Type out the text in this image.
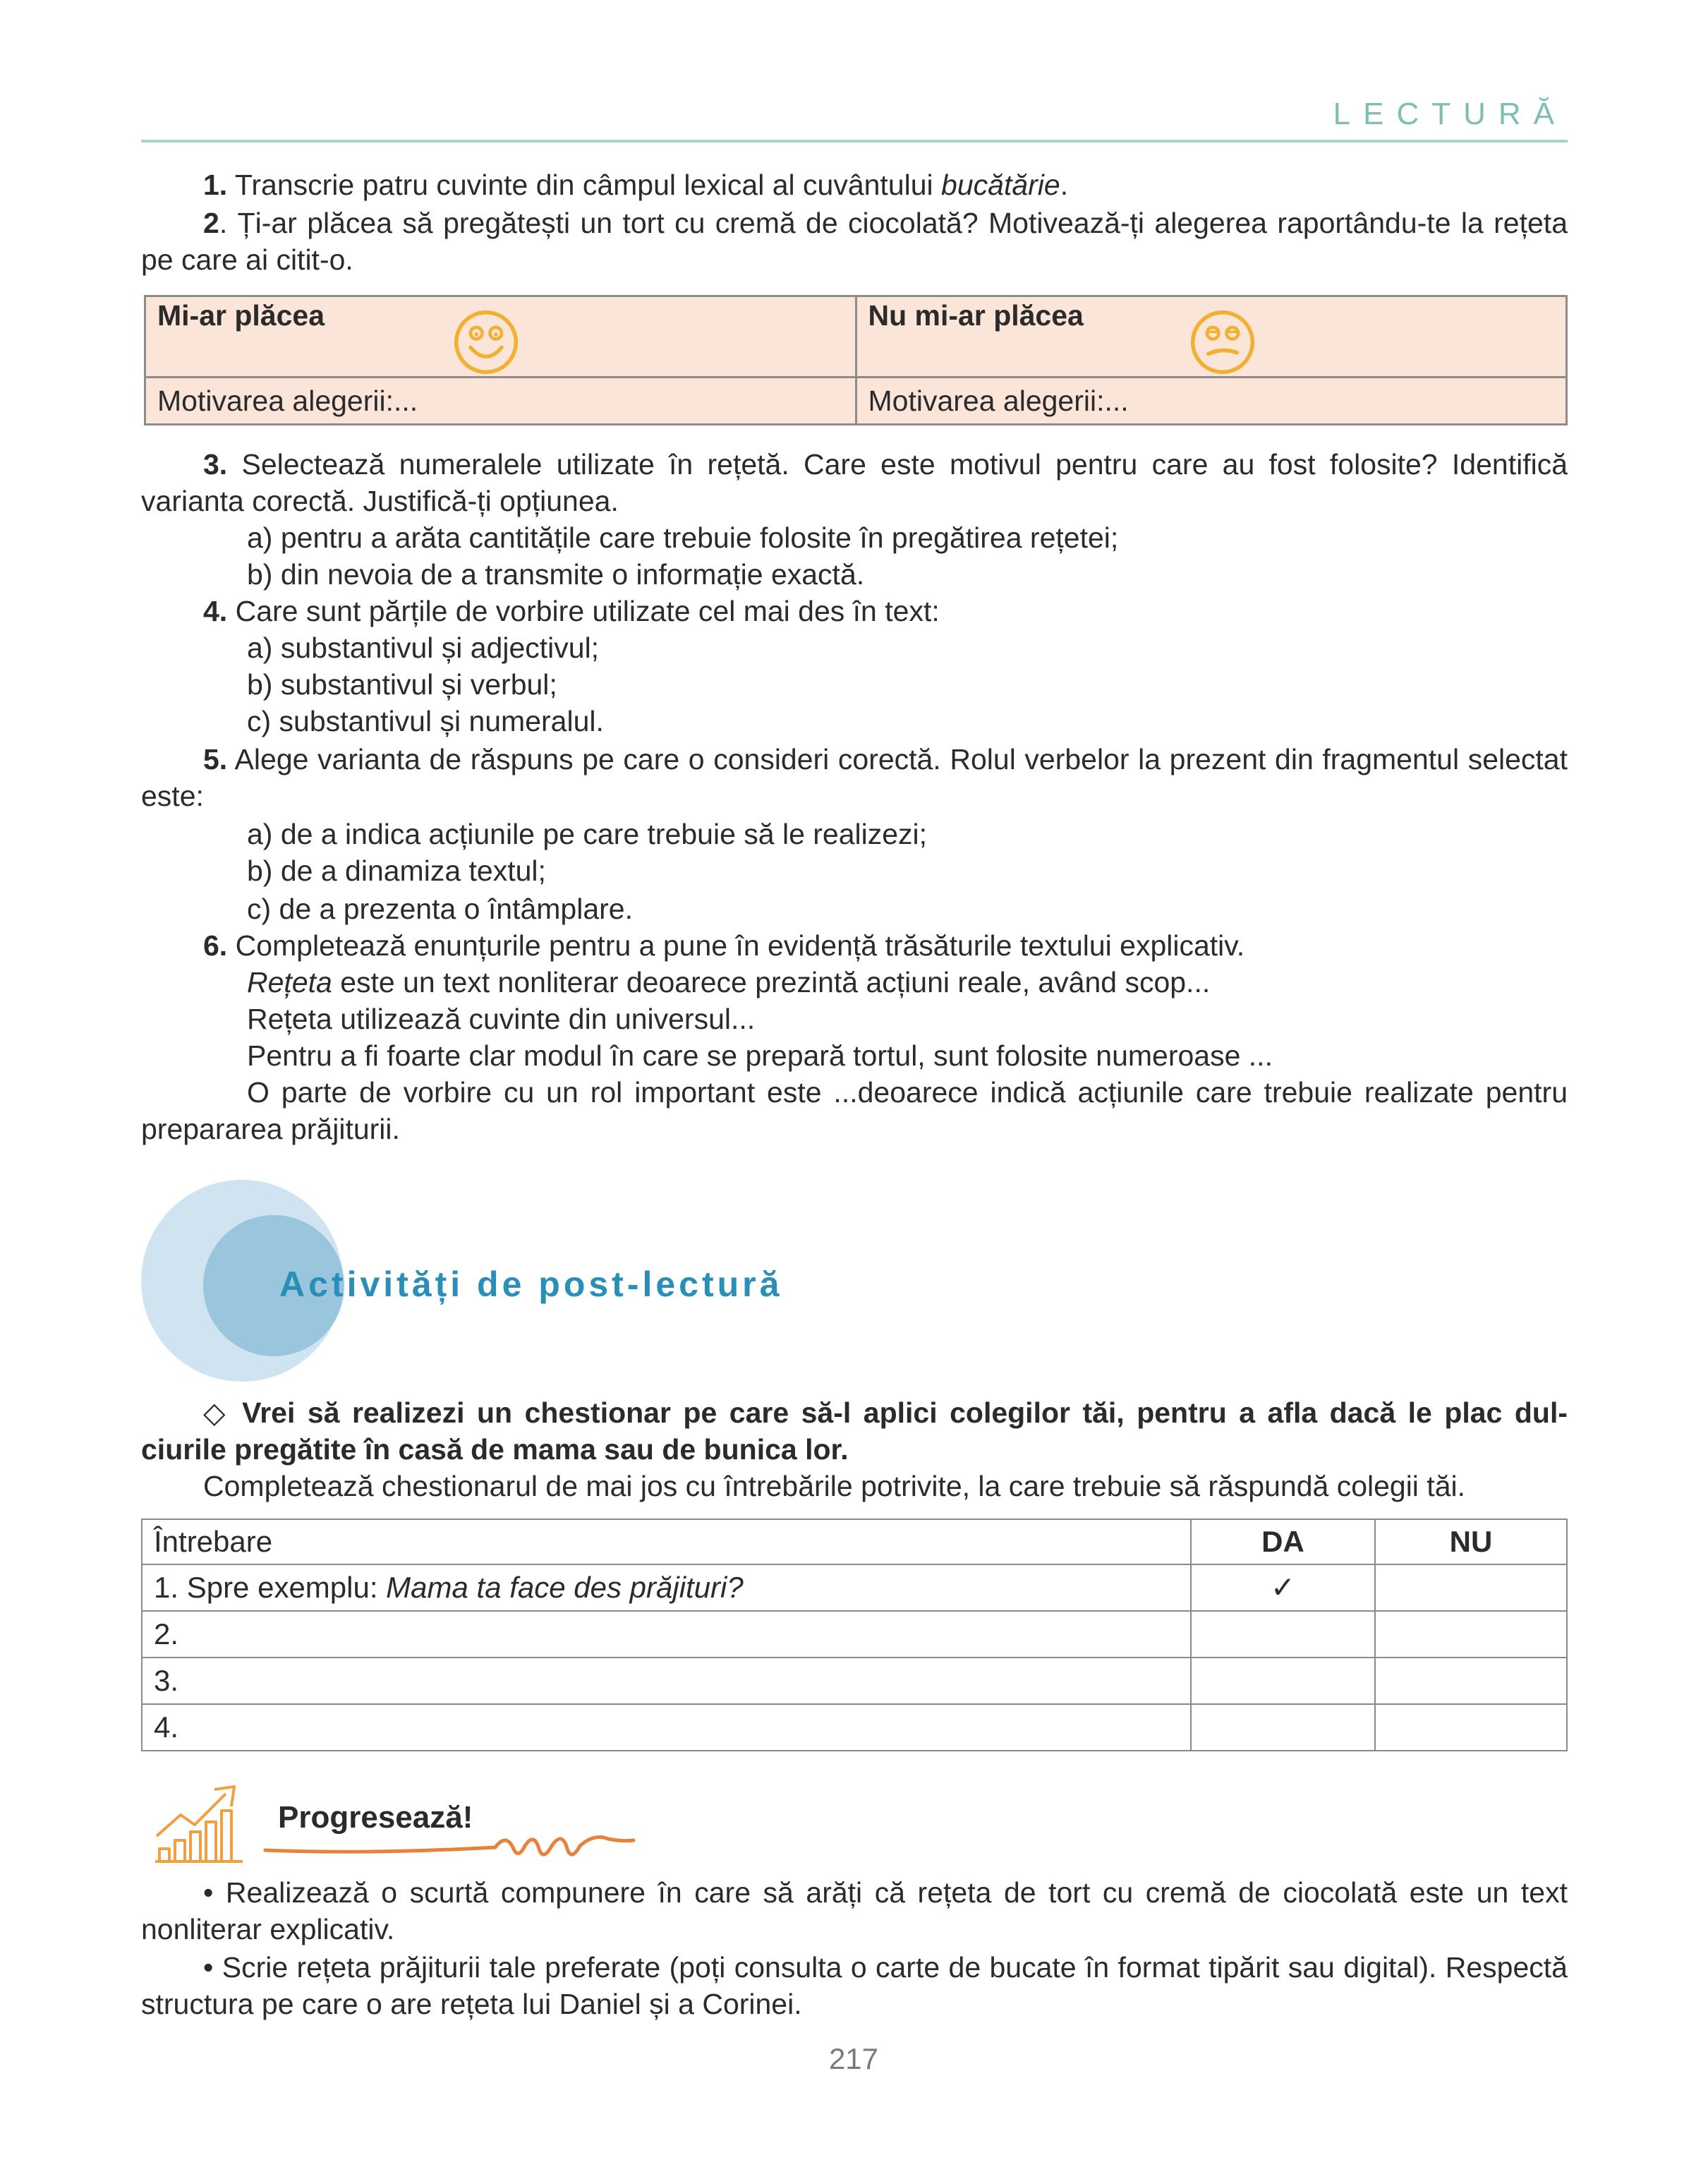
LECTURĂ
1. Transcrie patru cuvinte din câmpul lexical al cuvântului bucătărie.
2. Ți-ar plăcea să pregătești un tort cu cremă de ciocolată? Motivează-ți alegerea raportându-te la rețeta pe care ai citit-o.
Mi-ar plăcea	Nu mi-ar plăcea

Motivarea alegerii:...	Motivarea alegerii:...
3. Selectează numeralele utilizate în rețetă. Care este motivul pentru care au fost folosite? Identifică varianta corectă. Justifică-ți opțiunea.
a) pentru a arăta cantitățile care trebuie folosite în pregătirea rețetei;
b) din nevoia de a transmite o informație exactă.
4. Care sunt părțile de vorbire utilizate cel mai des în text:
a) substantivul și adjectivul;
b) substantivul și verbul;
c) substantivul și numeralul.
5. Alege varianta de răspuns pe care o consideri corectă. Rolul verbelor la prezent din fragmentul selectat este:
a) de a indica acțiunile pe care trebuie să le realizezi;
b) de a dinamiza textul;
c) de a prezenta o întâmplare.
6. Completează enunțurile pentru a pune în evidență trăsăturile textului explicativ.
Rețeta este un text nonliterar deoarece prezintă acțiuni reale, având scop...
Rețeta utilizează cuvinte din universul...
Pentru a fi foarte clar modul în care se prepară tortul, sunt folosite numeroase ...
O parte de vorbire cu un rol important este ...deoarece indică acțiunile care trebuie realizate pentru prepararea prăjiturii.
Activități de post-lectură
◇ Vrei să realizezi un chestionar pe care să-l aplici colegilor tăi, pentru a afla dacă le plac dul-ciurile pregătite în casă de mama sau de bunica lor.
Completează chestionarul de mai jos cu întrebările potrivite, la care trebuie să răspundă colegii tăi.
Întrebare	DA	NU
1. Spre exemplu: Mama ta face des prăjituri?	✓	
2.		
3.		
4.		
Progresează!
• Realizează o scurtă compunere în care să arăți că rețeta de tort cu cremă de ciocolată este un text nonliterar explicativ.
• Scrie rețeta prăjiturii tale preferate (poți consulta o carte de bucate în format tipărit sau digital). Respectă structura pe care o are rețeta lui Daniel și a Corinei.
217
